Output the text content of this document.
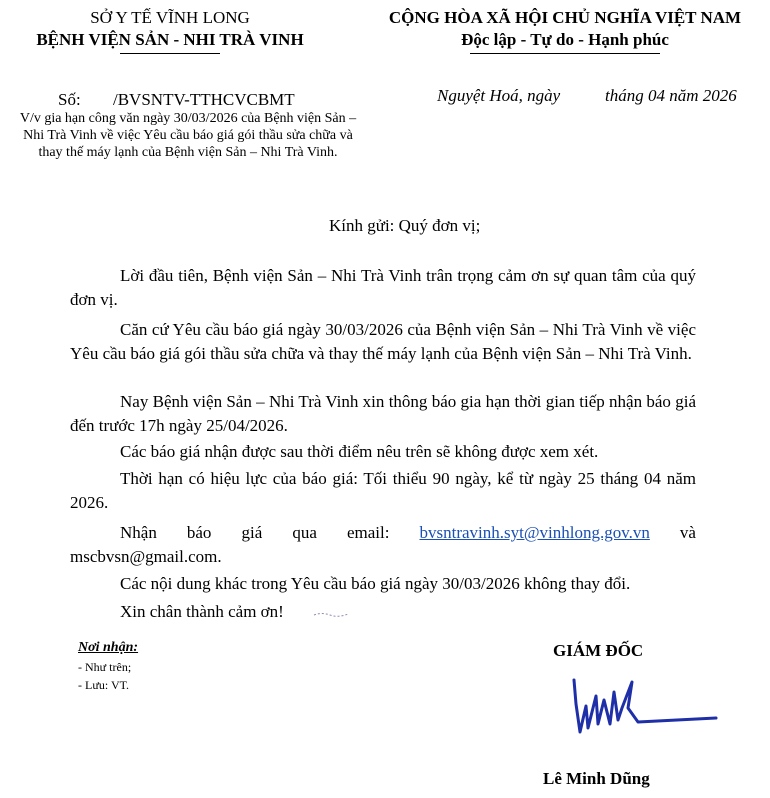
SỞ Y TẾ VĨNH LONG
BỆNH VIỆN SẢN - NHI TRÀ VINH
CỘNG HÒA XÃ HỘI CHỦ NGHĨA VIỆT NAM
Độc lập - Tự do - Hạnh phúc
Số: /BVSNTV-TTHCVCBMT	Nguyệt Hoá, ngày	tháng 04 năm 2026
V/v gia hạn công văn ngày 30/03/2026 của Bệnh viện Sản – Nhi Trà Vinh về việc Yêu cầu báo giá gói thầu sửa chữa và thay thế máy lạnh của Bệnh viện Sản – Nhi Trà Vinh.
Kính gửi: Quý đơn vị;
Lời đầu tiên, Bệnh viện Sản – Nhi Trà Vinh trân trọng cảm ơn sự quan tâm của quý đơn vị.
Căn cứ Yêu cầu báo giá ngày 30/03/2026 của Bệnh viện Sản – Nhi Trà Vinh về việc Yêu cầu báo giá gói thầu sửa chữa và thay thế máy lạnh của Bệnh viện Sản – Nhi Trà Vinh.
Nay Bệnh viện Sản – Nhi Trà Vinh xin thông báo gia hạn thời gian tiếp nhận báo giá đến trước 17h ngày 25/04/2026.
Các báo giá nhận được sau thời điểm nêu trên sẽ không được xem xét.
Thời hạn có hiệu lực của báo giá: Tối thiểu 90 ngày, kể từ ngày 25 tháng 04 năm 2026.
Nhận báo giá qua email: bvsntravinh.syt@vinhlong.gov.vn và
mscbvsn@gmail.com.
Các nội dung khác trong Yêu cầu báo giá ngày 30/03/2026 không thay đổi.
Xin chân thành cảm ơn!
Nơi nhận:
- Như trên;
- Lưu: VT.
GIÁM ĐỐC
Lê Minh Dũng
